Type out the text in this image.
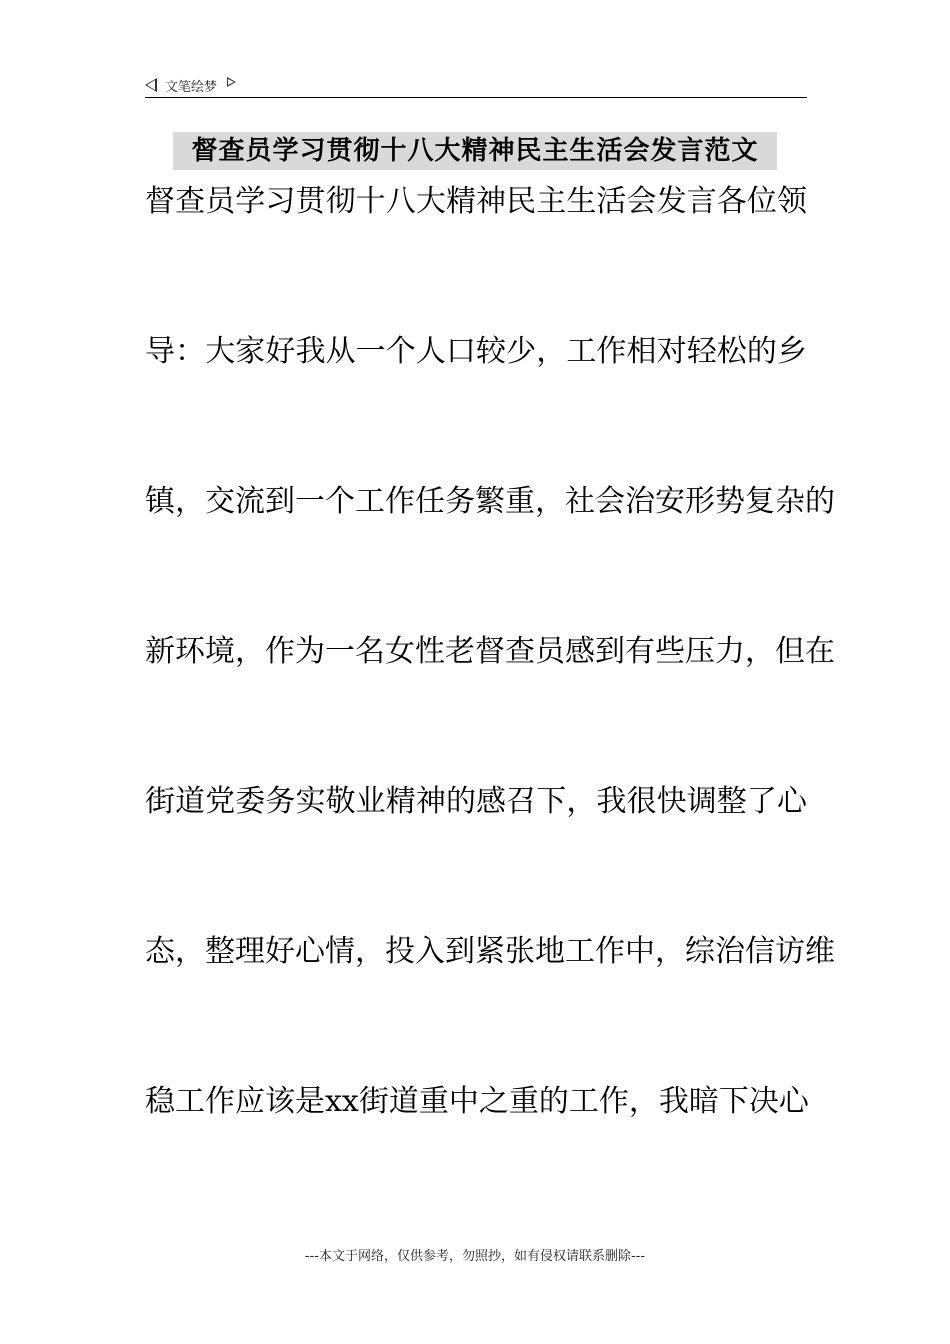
文笔绘梦
督查员学习贯彻十八大精神民主生活会发言范文
督查员学习贯彻十八大精神民主生活会发言各位领
导：大家好我从一个人口较少，工作相对轻松的乡
镇，交流到一个工作任务繁重，社会治安形势复杂的
新环境，作为一名女性老督查员感到有些压力，但在
街道党委务实敬业精神的感召下，我很快调整了心
态，整理好心情，投入到紧张地工作中，综治信访维
稳工作应该是xx街道重中之重的工作，我暗下决心
---本文于网络，仅供参考，勿照抄，如有侵权请联系删除---
